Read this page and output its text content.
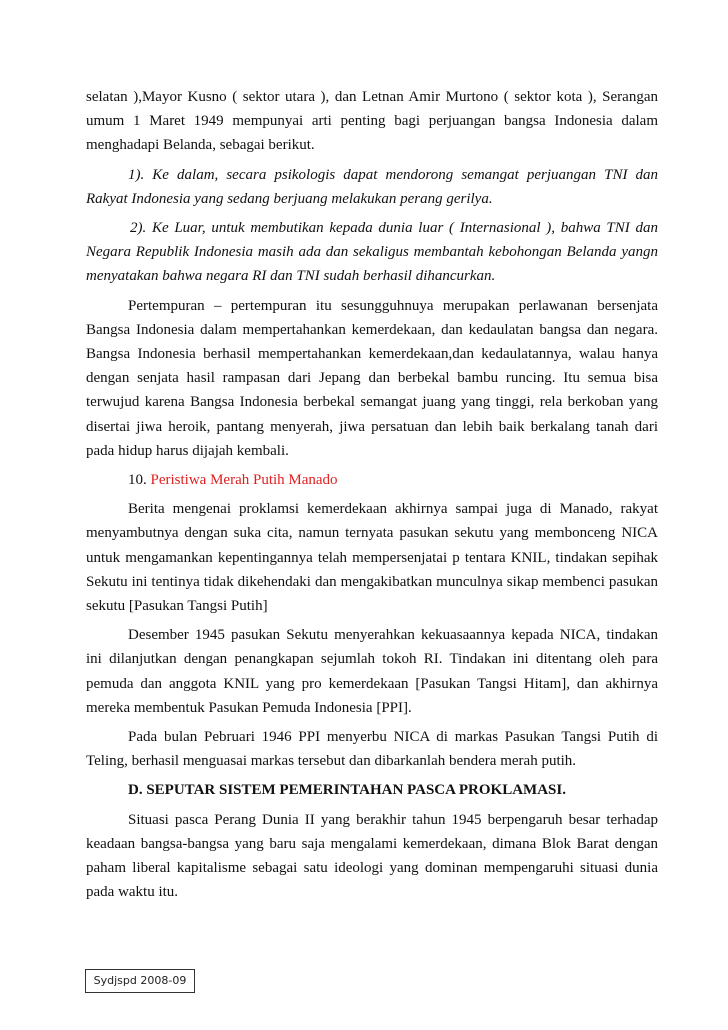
selatan ),Mayor Kusno ( sektor utara ), dan Letnan Amir Murtono ( sektor kota ), Serangan umum 1 Maret 1949 mempunyai arti penting bagi perjuangan bangsa Indonesia dalam menghadapi Belanda, sebagai berikut.

1). Ke dalam, secara psikologis dapat mendorong semangat perjuangan TNI dan Rakyat Indonesia yang sedang berjuang melakukan perang gerilya.

2). Ke Luar, untuk membutikan kepada dunia luar ( Internasional ), bahwa TNI dan Negara Republik Indonesia masih ada dan sekaligus membantah kebohongan Belanda yangn menyatakan bahwa negara RI dan TNI sudah berhasil dihancurkan.

Pertempuran – pertempuran itu sesungguhnuya merupakan perlawanan bersenjata Bangsa Indonesia dalam mempertahankan kemerdekaan, dan kedaulatan bangsa dan negara. Bangsa Indonesia berhasil mempertahankan kemerdekaan,dan kedaulatannya, walau hanya dengan senjata hasil rampasan dari Jepang dan berbekal bambu runcing. Itu semua bisa terwujud karena Bangsa Indonesia berbekal semangat juang yang tinggi, rela berkoban yang disertai jiwa heroik, pantang menyerah, jiwa persatuan dan lebih baik berkalang tanah dari pada hidup harus dijajah kembali.

10. Peristiwa Merah Putih Manado

Berita mengenai proklamsi kemerdekaan akhirnya sampai juga di Manado, rakyat menyambutnya dengan suka cita, namun ternyata pasukan sekutu yang membonceng NICA untuk mengamankan kepentingannya telah mempersenjatai p tentara KNIL, tindakan sepihak Sekutu ini tentinya tidak dikehendaki dan mengakibatkan munculnya sikap membenci pasukan sekutu [Pasukan Tangsi Putih]

Desember 1945 pasukan Sekutu menyerahkan kekuasaannya kepada NICA, tindakan ini dilanjutkan dengan penangkapan sejumlah tokoh RI. Tindakan ini ditentang oleh para pemuda dan anggota KNIL yang pro kemerdekaan [Pasukan Tangsi Hitam], dan akhirnya mereka membentuk Pasukan Pemuda Indonesia [PPI].

Pada bulan Pebruari 1946 PPI menyerbu NICA di markas Pasukan Tangsi Putih di Teling, berhasil menguasai markas tersebut dan dibarkanlah bendera merah putih.

D. SEPUTAR SISTEM PEMERINTAHAN PASCA PROKLAMASI.

Situasi pasca Perang Dunia II yang berakhir tahun 1945 berpengaruh besar terhadap keadaan bangsa-bangsa yang baru saja mengalami kemerdekaan, dimana Blok Barat dengan paham liberal kapitalisme sebagai satu ideologi yang dominan mempengaruhi situasi dunia pada waktu itu.

Sydjspd 2008-09
